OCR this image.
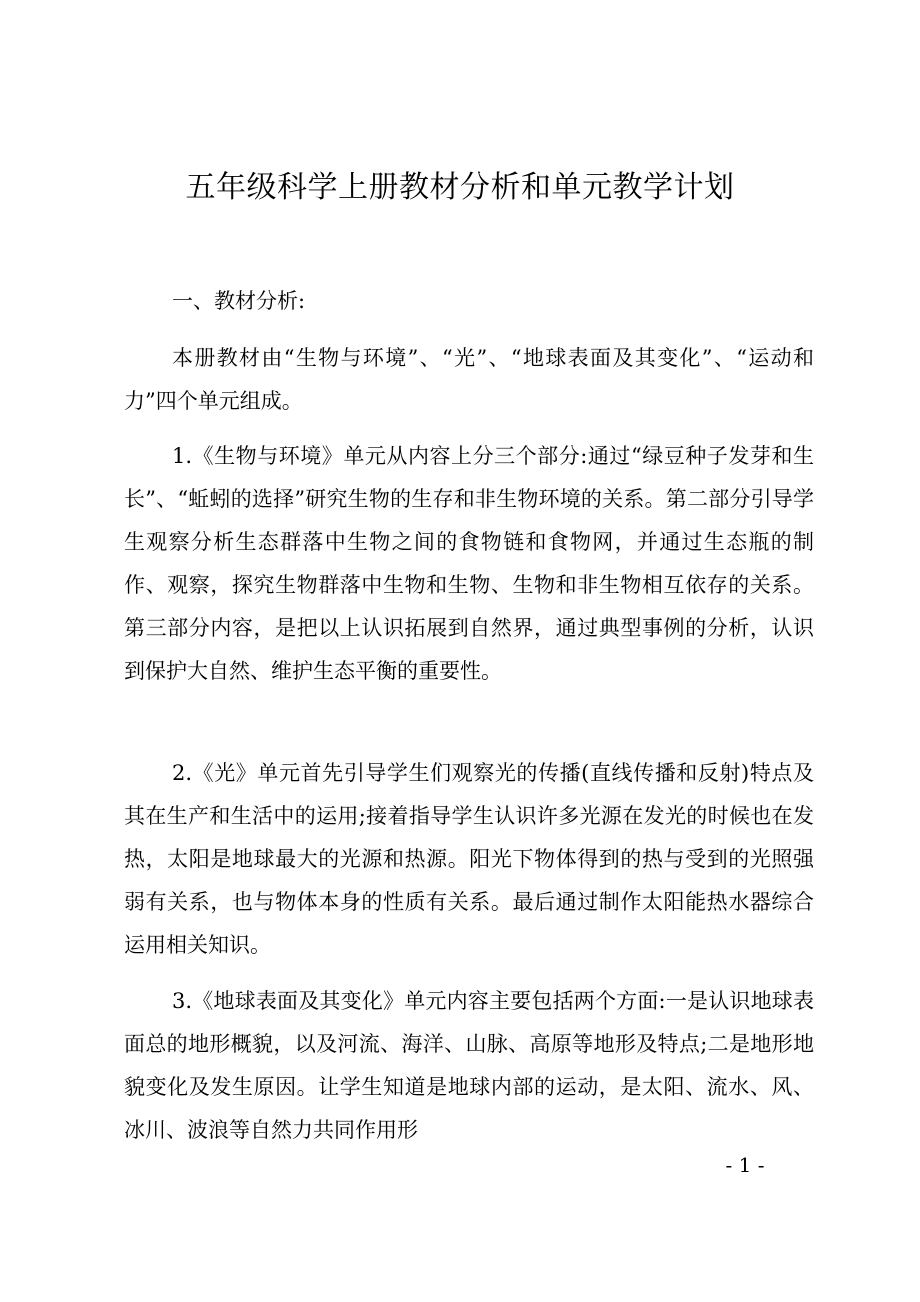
五年级科学上册教材分析和单元教学计划
一、教材分析:

本册教材由“生物与环境”、“光”、“地球表面及其变化”、“运动和力”四个单元组成。

1.《生物与环境》单元从内容上分三个部分:通过“绿豆种子发芽和生长”、“蚯蚓的选择”研究生物的生存和非生物环境的关系。第二部分引导学生观察分析生态群落中生物之间的食物链和食物网，并通过生态瓶的制作、观察，探究生物群落中生物和生物、生物和非生物相互依存的关系。第三部分内容，是把以上认识拓展到自然界，通过典型事例的分析，认识到保护大自然、维护生态平衡的重要性。

2.《光》单元首先引导学生们观察光的传播(直线传播和反射)特点及其在生产和生活中的运用;接着指导学生认识许多光源在发光的时候也在发热，太阳是地球最大的光源和热源。阳光下物体得到的热与受到的光照强弱有关系，也与物体本身的性质有关系。最后通过制作太阳能热水器综合运用相关知识。

3.《地球表面及其变化》单元内容主要包括两个方面:一是认识地球表面总的地形概貌，以及河流、海洋、山脉、高原等地形及特点;二是地形地貌变化及发生原因。让学生知道是地球内部的运动，是太阳、流水、风、冰川、波浪等自然力共同作用形

- 1 -
